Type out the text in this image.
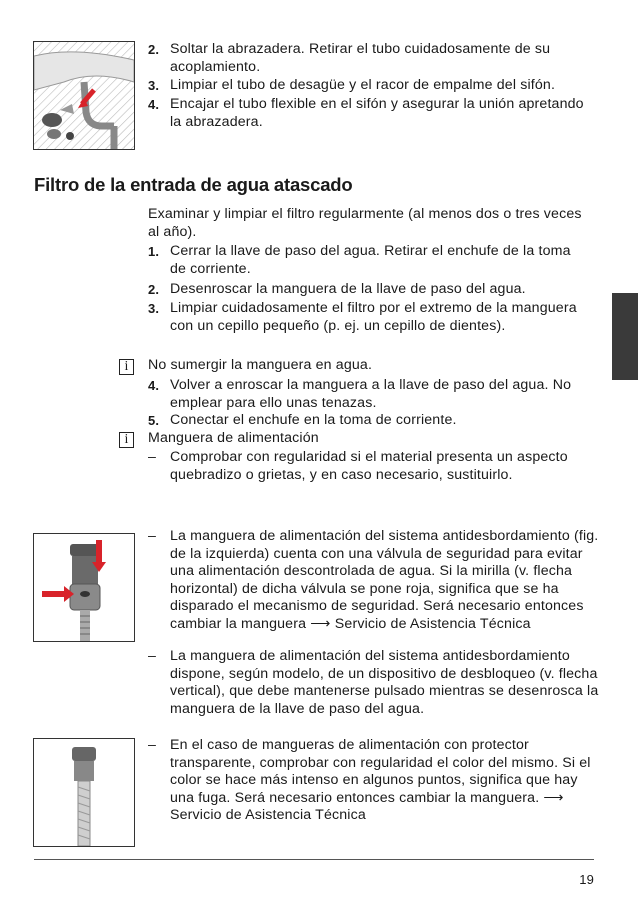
2. Soltar la abrazadera. Retirar el tubo cuidadosamente de su acoplamiento.
3. Limpiar el tubo de desagüe y el racor de empalme del sifón.
4. Encajar el tubo flexible en el sifón y asegurar la unión apretando la abrazadera.
Filtro de la entrada de agua atascado
Examinar y limpiar el filtro regularmente (al menos dos o tres veces al año).
1. Cerrar la llave de paso del agua. Retirar el enchufe de la toma de corriente.
2. Desenroscar la manguera de la llave de paso del agua.
3. Limpiar cuidadosamente el filtro por el extremo de la manguera con un cepillo pequeño (p. ej. un cepillo de dientes).
i	No sumergir la manguera en agua.
4. Volver a enroscar la manguera a la llave de paso del agua. No emplear para ello unas tenazas.
5. Conectar el enchufe en la toma de corriente.
i	Manguera de alimentación
– Comprobar con regularidad si el material presenta un aspecto quebradizo o grietas, y en caso necesario, sustituirlo.
– La manguera de alimentación del sistema antidesbordamiento (fig. de la izquierda) cuenta con una válvula de seguridad para evitar una alimentación descontrolada de agua. Si la mirilla (v. flecha horizontal) de dicha válvula se pone roja, significa que se ha disparado el mecanismo de seguridad. Será necesario entonces cambiar la manguera ⟶ Servicio de Asistencia Técnica
– La manguera de alimentación del sistema antidesbordamiento dispone, según modelo, de un dispositivo de desbloqueo (v. flecha vertical), que debe mantenerse pulsado mientras se desenrosca la manguera de la llave de paso del agua.
– En el caso de mangueras de alimentación con protector transparente, comprobar con regularidad el color del mismo. Si el color se hace más intenso en algunos puntos, significa que hay una fuga. Será necesario entonces cambiar la manguera. ⟶ Servicio de Asistencia Técnica
19
